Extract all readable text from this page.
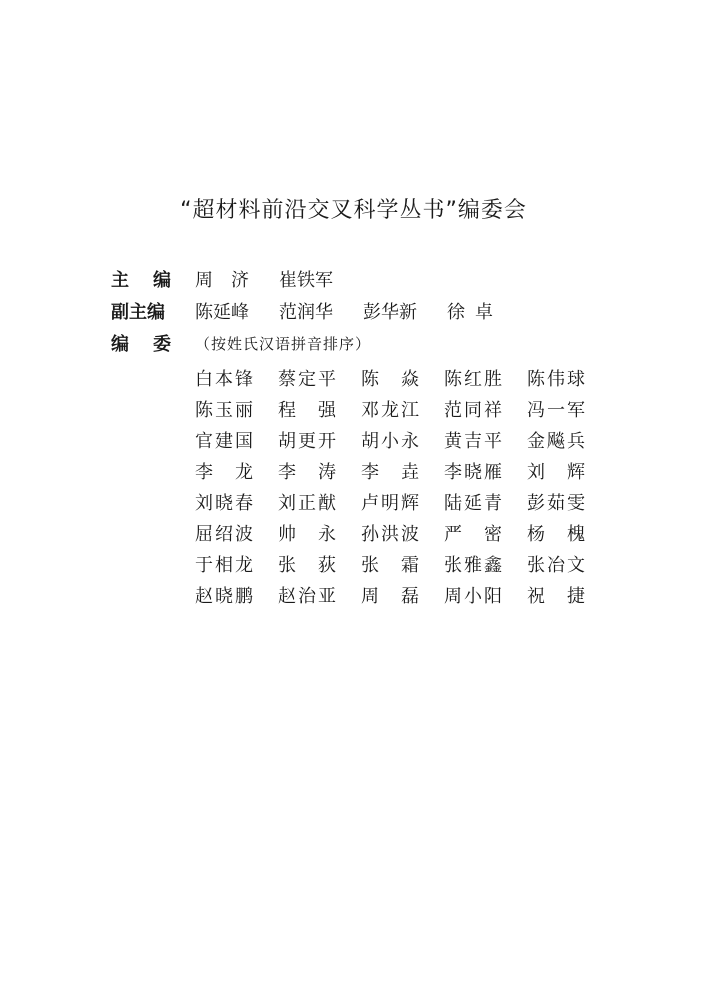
“超材料前沿交叉科学丛书”编委会
主编 周济 崔铁军
副主编	陈延峰 范润华 彭华新 徐卓
编委 （按姓氏汉语拼音排序）
白本锋 蔡定平 陈焱 陈红胜 陈伟球
陈玉丽 程强 邓龙江 范同祥 冯一军
官建国 胡更开 胡小永 黄吉平 金飚兵
李龙 李涛 李垚 李晓雁 刘辉
刘晓春 刘正猷 卢明辉 陆延青 彭茹雯
屈绍波 帅永 孙洪波 严密 杨槐
于相龙 张荻 张霜 张雅鑫 张冶文
赵晓鹏 赵治亚 周磊 周小阳 祝捷
